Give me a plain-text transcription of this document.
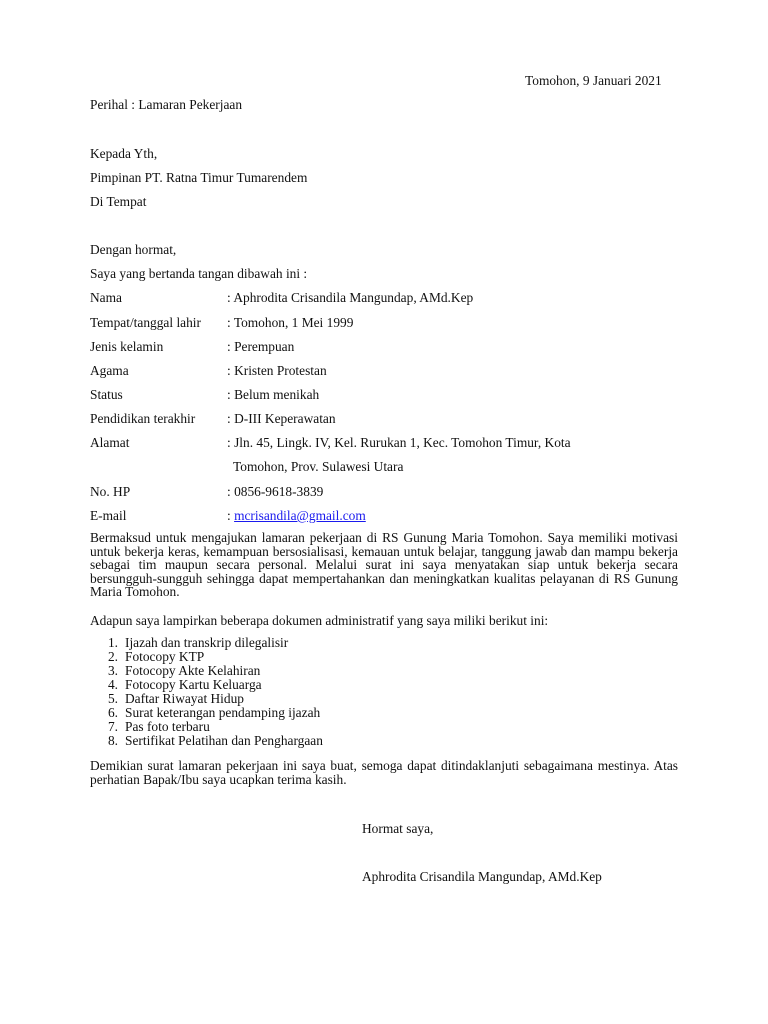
Tomohon, 9 Januari 2021
Perihal : Lamaran Pekerjaan
Kepada Yth,
Pimpinan PT. Ratna Timur Tumarendem
Di Tempat
Dengan hormat,
Saya yang bertanda tangan dibawah ini :
Nama	: Aphrodita Crisandila Mangundap, AMd.Kep
Tempat/tanggal lahir : Tomohon, 1 Mei 1999
Jenis kelamin	: Perempuan
Agama	: Kristen Protestan
Status	: Belum menikah
Pendidikan terakhir : D-III Keperawatan
Alamat	: Jln. 45, Lingk. IV, Kel. Rurukan 1, Kec. Tomohon Timur, Kota
Tomohon, Prov. Sulawesi Utara
No. HP	: 0856-9618-3839
E-mail	: mcrisandila@gmail.com

Bermaksud untuk mengajukan lamaran pekerjaan di RS Gunung Maria Tomohon. Saya memiliki motivasi untuk bekerja keras, kemampuan bersosialisasi, kemauan untuk belajar, tanggung jawab dan mampu bekerja sebagai tim maupun secara personal. Melalui surat ini saya menyatakan siap untuk bekerja secara bersungguh-sungguh sehingga dapat mempertahankan dan meningkatkan kualitas pelayanan di RS Gunung Maria Tomohon.

Adapun saya lampirkan beberapa dokumen administratif yang saya miliki berikut ini:

1. Ijazah dan transkrip dilegalisir
2. Fotocopy KTP
3. Fotocopy Akte Kelahiran
4. Fotocopy Kartu Keluarga
5. Daftar Riwayat Hidup
6. Surat keterangan pendamping ijazah
7. Pas foto terbaru
8. Sertifikat Pelatihan dan Penghargaan

Demikian surat lamaran pekerjaan ini saya buat, semoga dapat ditindaklanjuti sebagaimana mestinya. Atas perhatian Bapak/Ibu saya ucapkan terima kasih.

Hormat saya,
Aphrodita Crisandila Mangundap, AMd.Kep
